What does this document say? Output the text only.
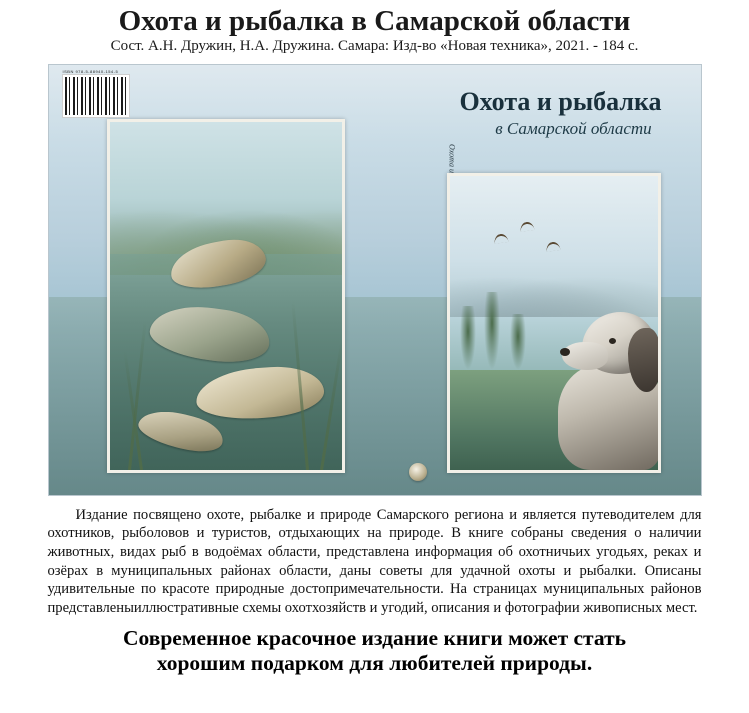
Охота и рыбалка в Самарской области
Сост. А.Н. Дружин, Н.А. Дружина. Самара: Изд-во «Новая техника», 2021. - 184 с.
ISBN 978-5-88940-154-5
Охота и рыбалка
в Самарской области

Издание посвящено охоте, рыбалке и природе Самарского региона и является путеводителем для охотников, рыболовов и туристов, отдыхающих на природе. В книге собраны сведения о наличии животных, видах рыб в водоёмах области, представлена информация об охотничьих угодьях, реках и озёрах в муниципальных районах области, даны советы для удачной охоты и рыбалки. Описаны удивительные по красоте природные достопримечательности. На страницах муниципальных районов представленыиллюстративные схемы охотхозяйств и угодий, описания и фотографии живописных мест.

Современное красочное издание книги может стать
хорошим подарком для любителей природы.
